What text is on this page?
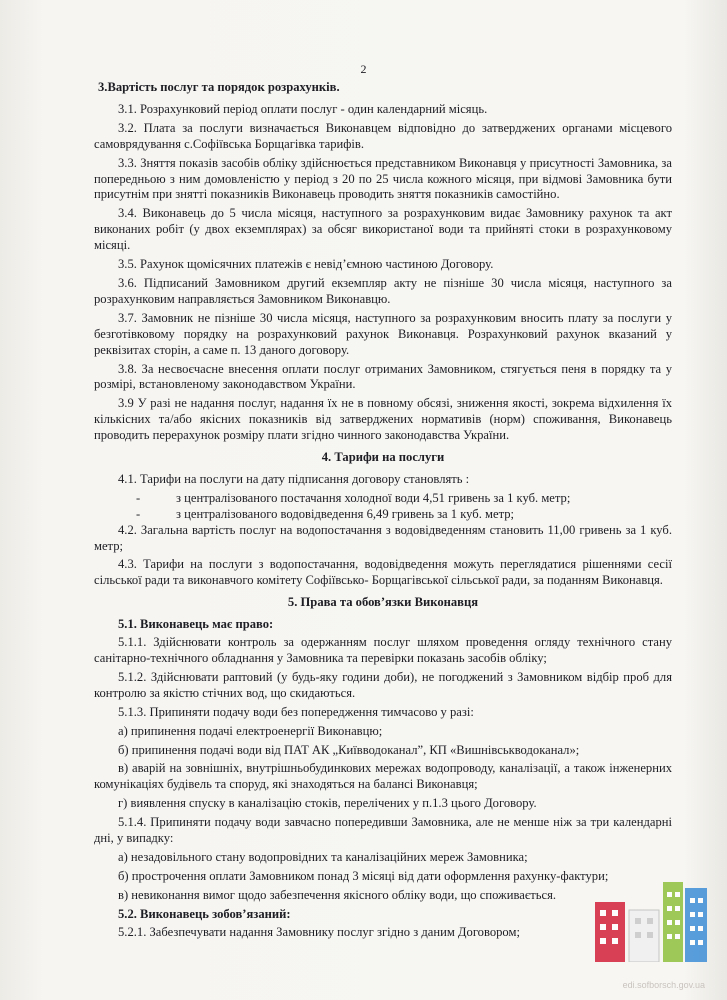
2
3.Вартість послуг та порядок розрахунків.

3.1. Розрахунковий період оплати послуг - один календарний місяць.

3.2. Плата за послуги визначається Виконавцем відповідно до затверджених органами місцевого самоврядування с.Софіївська Борщагівка тарифів.

3.3. Зняття показів засобів обліку здійснюється представником Виконавця у присутності Замовника, за попередньою з ним домовленістю у період з 20 по 25 числа кожного місяця, при відмові Замовника бути присутнім при знятті показників Виконавець проводить зняття показників самостійно.

3.4. Виконавець до 5 числа місяця, наступного за розрахунковим видає Замовнику рахунок та акт виконаних робіт (у двох екземплярах) за обсяг використаної води та прийняті стоки в розрахунковому місяці.

3.5. Рахунок щомісячних платежів є невід’ємною частиною Договору.

3.6. Підписаний Замовником другий екземпляр акту не пізніше 30 числа місяця, наступного за розрахунковим направляється Замовником Виконавцю.

3.7. Замовник не пізніше 30 числа місяця, наступного за розрахунковим вносить плату за послуги у безготівковому порядку на розрахунковий рахунок Виконавця. Розрахунковий рахунок вказаний у реквізитах сторін, а саме п. 13 даного договору.

3.8. За несвоєчасне внесення оплати послуг отриманих Замовником, стягується пеня в порядку та у розмірі, встановленому законодавством України.

3.9 У разі не надання послуг, надання їх не в повному обсязі, зниження якості, зокрема відхилення їх кількісних та/або якісних показників від затверджених нормативів (норм) споживання, Виконавець проводить перерахунок розміру плати згідно чинного законодавства України.

4. Тарифи на послуги

4.1. Тарифи на послуги на дату підписання договору становлять :

-	з централізованого постачання холодної води 4,51 гривень за 1 куб. метр;

-	з централізованого водовідведення 6,49 гривень за 1 куб. метр;

4.2. Загальна вартість послуг на водопостачання з водовідведенням становить 11,00 гривень за 1 куб. метр;

4.3. Тарифи на послуги з водопостачання, водовідведення можуть переглядатися рішеннями сесії сільської ради та виконавчого комітету Софіївсько- Борщагівської сільської ради, за поданням Виконавця.

5. Права та обов’язки Виконавця
5.1. Виконавець має право:

5.1.1. Здійснювати контроль за одержанням послуг шляхом проведення огляду технічного стану санітарно-технічного обладнання у Замовника та перевірки показань засобів обліку;

5.1.2. Здійснювати раптовий (у будь-яку години доби), не погоджений з Замовником відбір проб для контролю за якістю стічних вод, що скидаються.

5.1.3. Припиняти подачу води без попередження тимчасово у разі:

а) припинення подачі електроенергії Виконавцю;

б) припинення подачі води від ПАТ АК „Київводоканал”, КП «Вишнівськводоканал»;

в) аварій на зовнішніх, внутрішньобудинкових мережах водопроводу, каналізації, а також інженерних комунікаціях будівель та споруд, які знаходяться на балансі Виконавця;

г) виявлення спуску в каналізацію стоків, перелічених у п.1.3 цього Договору.

5.1.4. Припиняти подачу води завчасно попередивши Замовника, але не менше ніж за три календарні дні, у випадку:

а) незадовільного стану водопровідних та каналізаційних мереж Замовника;

б) прострочення оплати Замовником понад 3 місяці від дати оформлення рахунку-фактури;

в) невиконання вимог щодо забезпечення якісного обліку води, що споживається.

5.2. Виконавець зобов’язаний:

5.2.1. Забезпечувати надання Замовнику послуг згідно з даним Договором;

edi.sofborsch.gov.ua
